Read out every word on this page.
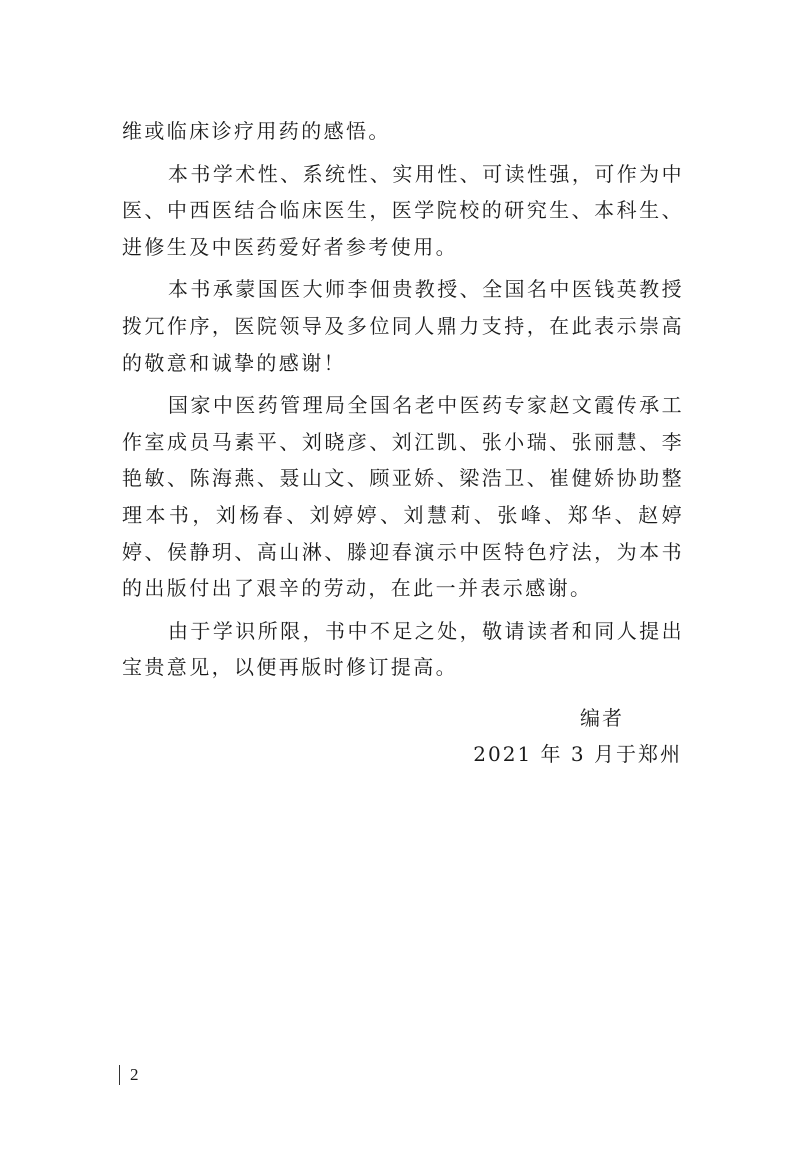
维或临床诊疗用药的感悟。

本书学术性、系统性、实用性、可读性强，可作为中医、中西医结合临床医生，医学院校的研究生、本科生、进修生及中医药爱好者参考使用。

本书承蒙国医大师李佃贵教授、全国名中医钱英教授拨冗作序，医院领导及多位同人鼎力支持，在此表示崇高的敬意和诚挚的感谢！

国家中医药管理局全国名老中医药专家赵文霞传承工作室成员马素平、刘晓彦、刘江凯、张小瑞、张丽慧、李艳敏、陈海燕、聂山文、顾亚娇、梁浩卫、崔健娇协助整理本书，刘杨春、刘婷婷、刘慧莉、张峰、郑华、赵婷婷、侯静玥、高山淋、滕迎春演示中医特色疗法，为本书的出版付出了艰辛的劳动，在此一并表示感谢。

由于学识所限，书中不足之处，敬请读者和同人提出宝贵意见，以便再版时修订提高。

编者
2021 年 3 月于郑州
2
